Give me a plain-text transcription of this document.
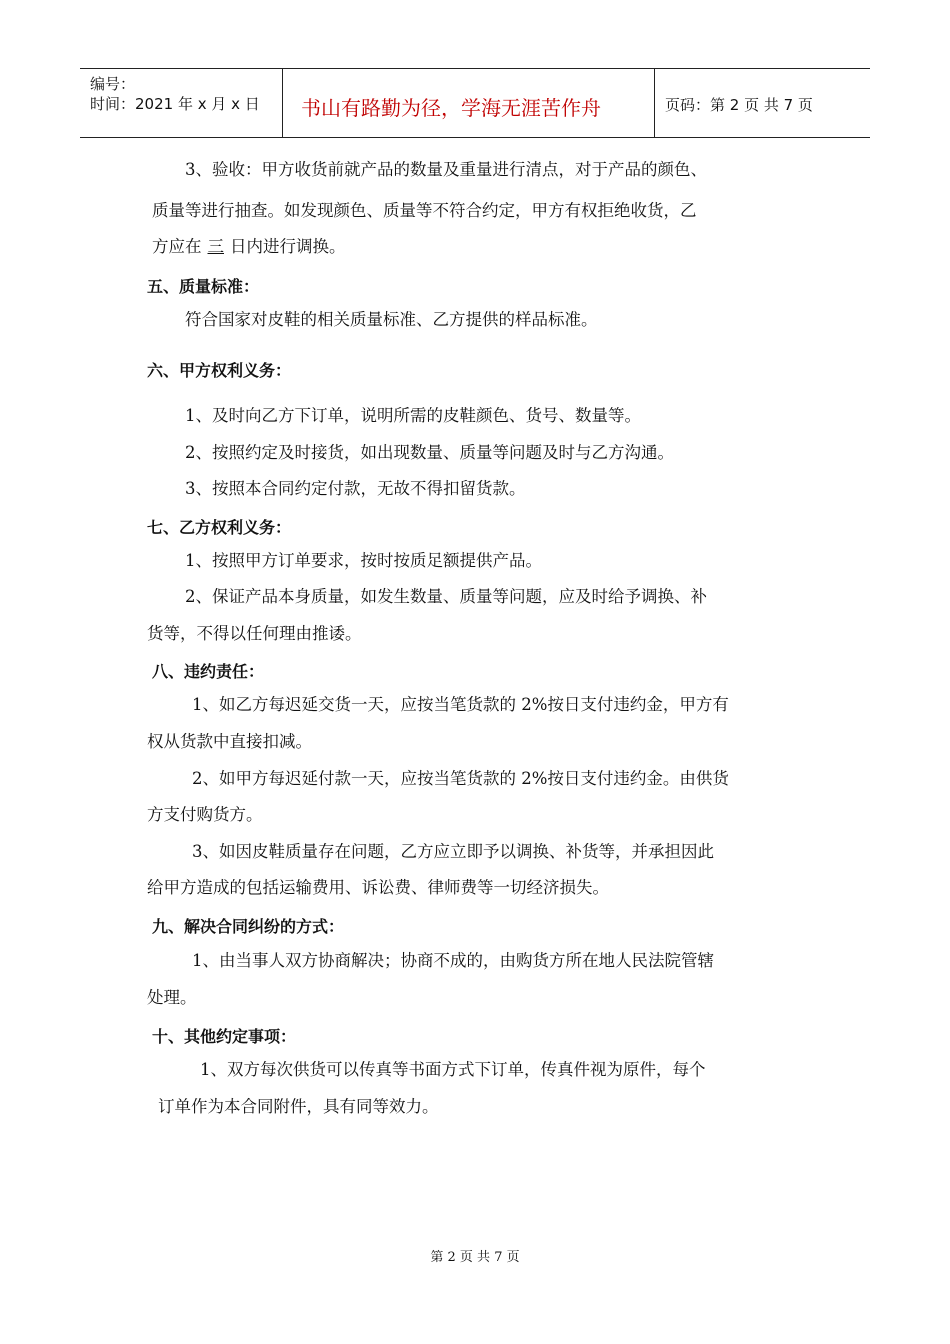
编号：
时间：2021 年 x 月 x 日 书山有路勤为径，学海无涯苦作舟	页码：第 2 页 共 7 页
3、验收：甲方收货前就产品的数量及重量进行清点，对于产品的颜色、
质量等进行抽查。如发现颜色、质量等不符合约定，甲方有权拒绝收货，乙
方应在 三 日内进行调换。
五、质量标准：
符合国家对皮鞋的相关质量标准、乙方提供的样品标准。
六、甲方权利义务：
1、及时向乙方下订单，说明所需的皮鞋颜色、货号、数量等。
2、按照约定及时接货，如出现数量、质量等问题及时与乙方沟通。
3、按照本合同约定付款，无故不得扣留货款。
七、乙方权利义务：
1、按照甲方订单要求，按时按质足额提供产品。
2、保证产品本身质量，如发生数量、质量等问题，应及时给予调换、补
货等，不得以任何理由推诿。
八、违约责任：
1、如乙方每迟延交货一天，应按当笔货款的 2%按日支付违约金，甲方有
权从货款中直接扣减。
2、如甲方每迟延付款一天，应按当笔货款的 2%按日支付违约金。由供货
方支付购货方。
3、如因皮鞋质量存在问题，乙方应立即予以调换、补货等，并承担因此
给甲方造成的包括运输费用、诉讼费、律师费等一切经济损失。
九、解决合同纠纷的方式：
1、由当事人双方协商解决；协商不成的，由购货方所在地人民法院管辖
处理。
十、其他约定事项：
1、双方每次供货可以传真等书面方式下订单，传真件视为原件，每个
订单作为本合同附件，具有同等效力。
第 2 页 共 7 页
